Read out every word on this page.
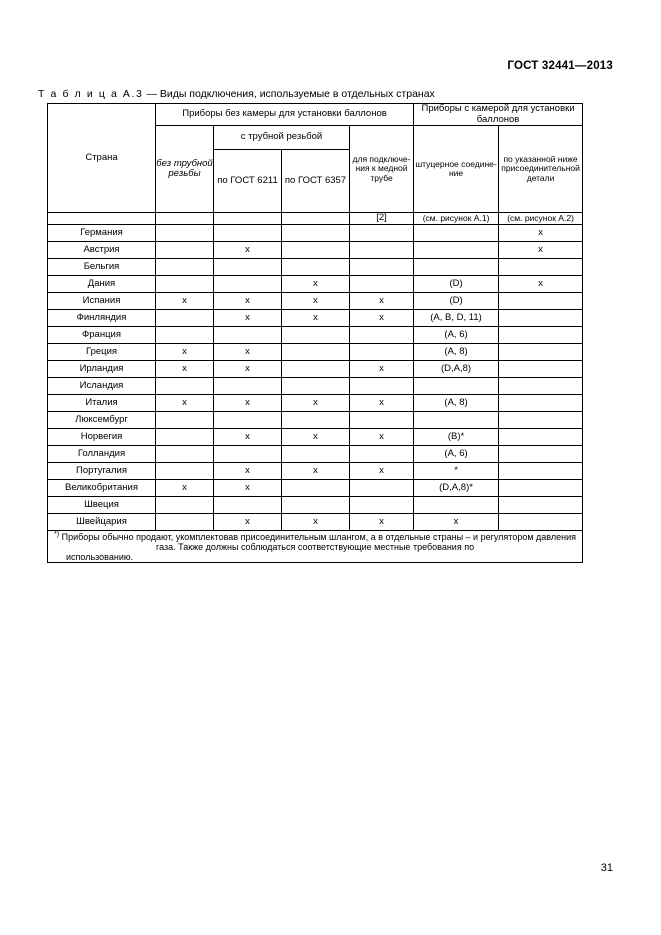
ГОСТ 32441—2013
Т а б л и ц а А.3 — Виды подключения, используемые в отдельных странах
Страна	Приборы без камеры для установки баллонов				Приборы с камерой для установки баллонов	
	без трубной резьбы	с трубной резьбой		для подключе-ния к медной трубе	штуцерное соединение	по указанной ниже присоединительной детали
		по ГОСТ 6211	по ГОСТ 6357			
				[2]	(см. рисунок А.1)	(см. рисунок А.2)
Германия						x
Австрия		x				x
Бельгия						
Дания			x		(D)	x
Испания	x	x	x	x	(D)	
Финляндия		x	x	x	(A, B, D, 11)	
Франция					(A, 6)	
Греция	x	x			(A, 8)	
Ирландия	x	x		x	(D,A,8)	
Исландия						
Италия	x	x	x	x	(A, 8)	
Люксембург						
Норвегия		x	x	x	(B)*	
Голландия					(A, 6)	
Португалия		x	x	x	*	
Великобритания	x	x			(D,A,8)*	
Швеция						
Швейцария		x	x	x	x	
*) Приборы обычно продают, укомплектовав присоединительным шлангом, а в отдельные страны – и регулятором давления газа. Также должны соблюдаться соответствующие местные требования по
использованию.						
31
